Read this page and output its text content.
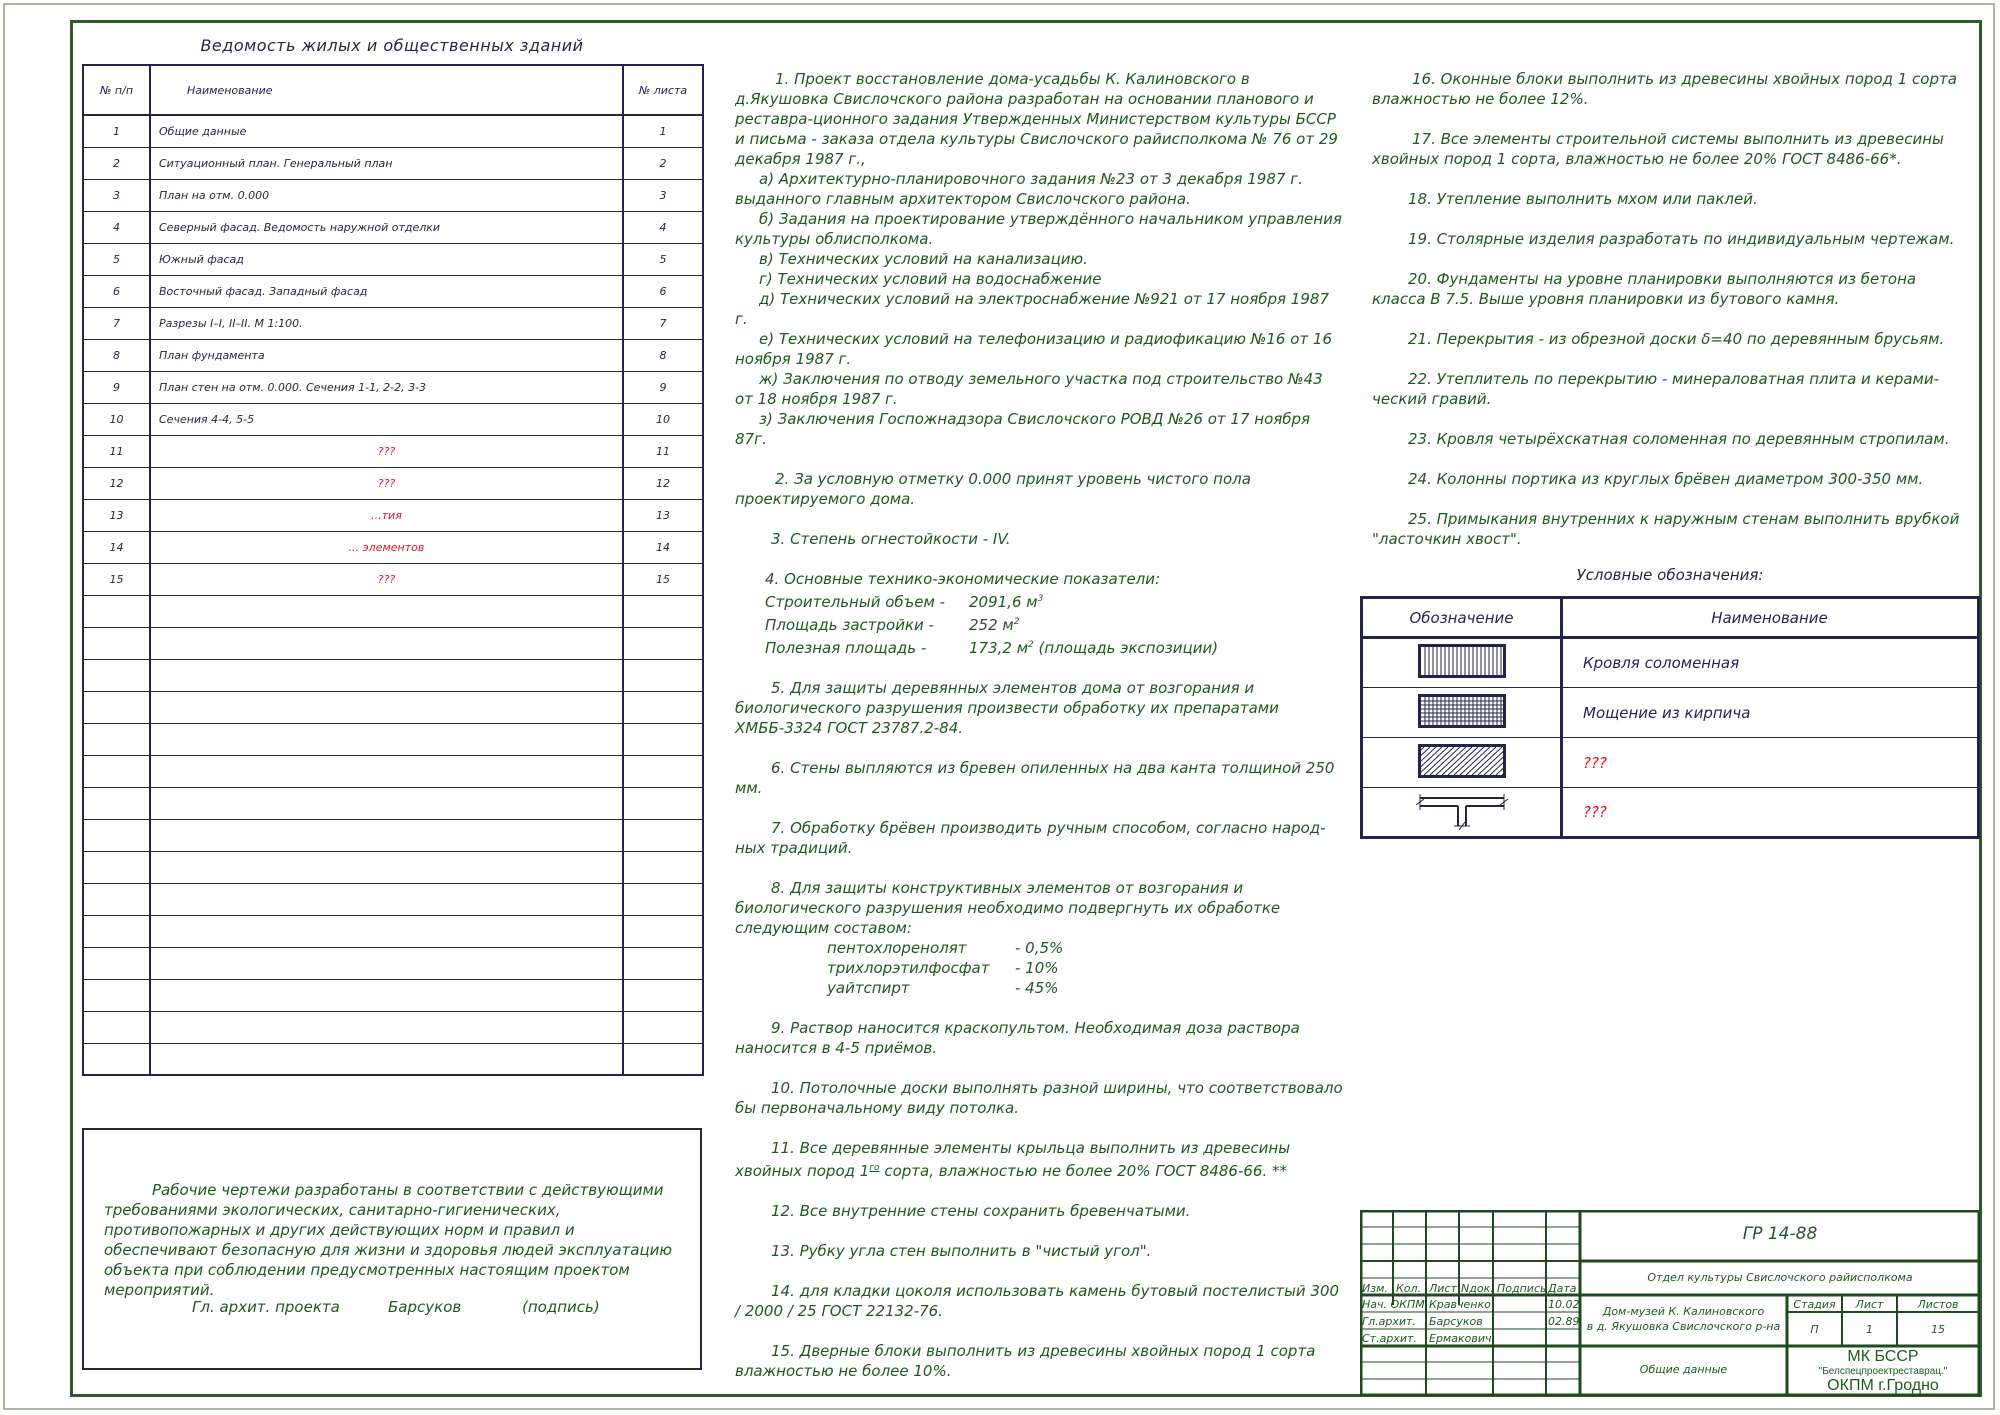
Ведомость жилых и общественных зданий
№ п/п	Наименование	№ листа
1	Общие данные	1
2	Ситуационный план. Генеральный план	2
3	План на отм. 0.000	3
4	Северный фасад. Ведомость наружной отделки	4
5	Южный фасад	5
6	Восточный фасад. Западный фасад	6
7	Разрезы I–I, II–II. М 1:100.	7
8	План фундамента	8
9	План стен на отм. 0.000. Сечения 1-1, 2-2, 3-3	9
10	Сечения 4-4, 5-5	10
11	???	11
12	???	12
13	...тия	13
14	... элементов	14
15	???	15

Рабочие чертежи разработаны в соответствии с действующими требованиями экологических, санитарно-гигиенических, противопожарных и других действующих норм и правил и обеспечивают безопасную для жизни и здоровья людей эксплуатацию объекта при соблюдении предусмотренных настоящим проектом мероприятий.
Гл. архит. проекта	Барсуков	(подпись)

1. Проект восстановление дома-усадьбы К. Калиновского в д.Якушовка Свислочского района разработан на основании планового и реставра-ционного задания Утвержденных Министерством культуры БССР и письма - заказа отдела культуры Свислочского райисполкома № 76 от 29 декабря 1987 г.,

а) Архитектурно-планировочного задания №23 от 3 декабря 1987 г. выданного главным архитектором Свислочского района.
б) Задания на проектирование утверждённого начальником управления культуры облисполкома.
в) Технических условий на канализацию.
г) Технических условий на водоснабжение
д) Технических условий на электроснабжение №921 от 17 ноября 1987 г.
е) Технических условий на телефонизацию и радиофикацию №16 от 16 ноября 1987 г.
ж) Заключения по отводу земельного участка под строительство №43 от 18 ноября 1987 г.
з) Заключения Госпожнадзора Свислочского РОВД №26 от 17 ноября 87г.

2. За условную отметку 0.000 принят уровень чистого пола проектируемого дома.

3. Степень огнестойкости - IV.

4. Основные технико-экономические показатели:
Строительный объем - 2091,6 $м^3$
Площадь застройки - 252 $м^2$
Полезная площадь -	173,2 $м^2$ (площадь экспозиции)

5. Для защиты деревянных элементов дома от возгорания и биологического разрушения произвести обработку их препаратами ХМББ-3324 ГОСТ 23787.2-84.

6. Стены выпляются из бревен опиленных на два канта толщиной 250 мм.

7. Обработку брёвен производить ручным способом, согласно народ-ных традиций.

8. Для защиты конструктивных элементов от возгорания и биологического разрушения необходимо подвергнуть их обработке следующим составом:

пентохлоренолят	- 0,5%
трихлорэтилфосфат - 10%
уайтспирт	- 45%

9. Раствор наносится краскопультом. Необходимая доза раствора наносится в 4-5 приёмов.

10. Потолочные доски выполнять разной ширины, что соответствовало бы первоначальному виду потолка.

11. Все деревянные элементы крыльца выполнить из древесины хвойных пород $1^{го}$ сорта, влажностью не более 20% ГОСТ 8486-66. **

12. Все внутренние стены сохранить бревенчатыми.

13. Рубку угла стен выполнить в "чистый угол".

14. для кладки цоколя использовать камень бутовый постелистый 300 / 2000 / 25 ГОСТ 22132-76.

15. Дверные блоки выполнить из древесины хвойных пород 1 сорта влажностью не более 10%.

16. Оконные блоки выполнить из древесины хвойных пород 1 сорта влажностью не более 12%.

17. Все элементы строительной системы выполнить из древесины хвойных пород 1 сорта, влажностью не более 20% ГОСТ 8486-66*.

18. Утепление выполнить мхом или паклей.

19. Столярные изделия разработать по индивидуальным чертежам.

20. Фундаменты на уровне планировки выполняются из бетона класса В 7.5. Выше уровня планировки из бутового камня.

21. Перекрытия - из обрезной доски δ=40 по деревянным брусьям.

22. Утеплитель по перекрытию - минераловатная плита и керами-ческий гравий.

23. Кровля четырёхскатная соломенная по деревянным стропилам.

24. Колонны портика из круглых брёвен диаметром 300-350 мм.

25. Примыкания внутренних к наружным стенам выполнить врубкой "ласточкин хвост".

Условные обозначения:
Обозначение	Наименование
	Кровля соломенная
	Мощение из кирпича
	???
	???
ГР 14-88
Отдел культуры Свислочского райисполкома
Изм. Кол. Лист Nдок. Подпись Дата
Нач. ОКПМ Кравченко	10.02
Гл.архит. Барсуков	02.89
Ст.архит. Ермакович
Дом-музей К. Калиновского
в д. Якушовка Свислочского р-на
Стадия	Лист	Листов
П	1	15
Общие данные
МК БССР
"Белспецпроектреставрац."
ОКПМ г.Гродно
